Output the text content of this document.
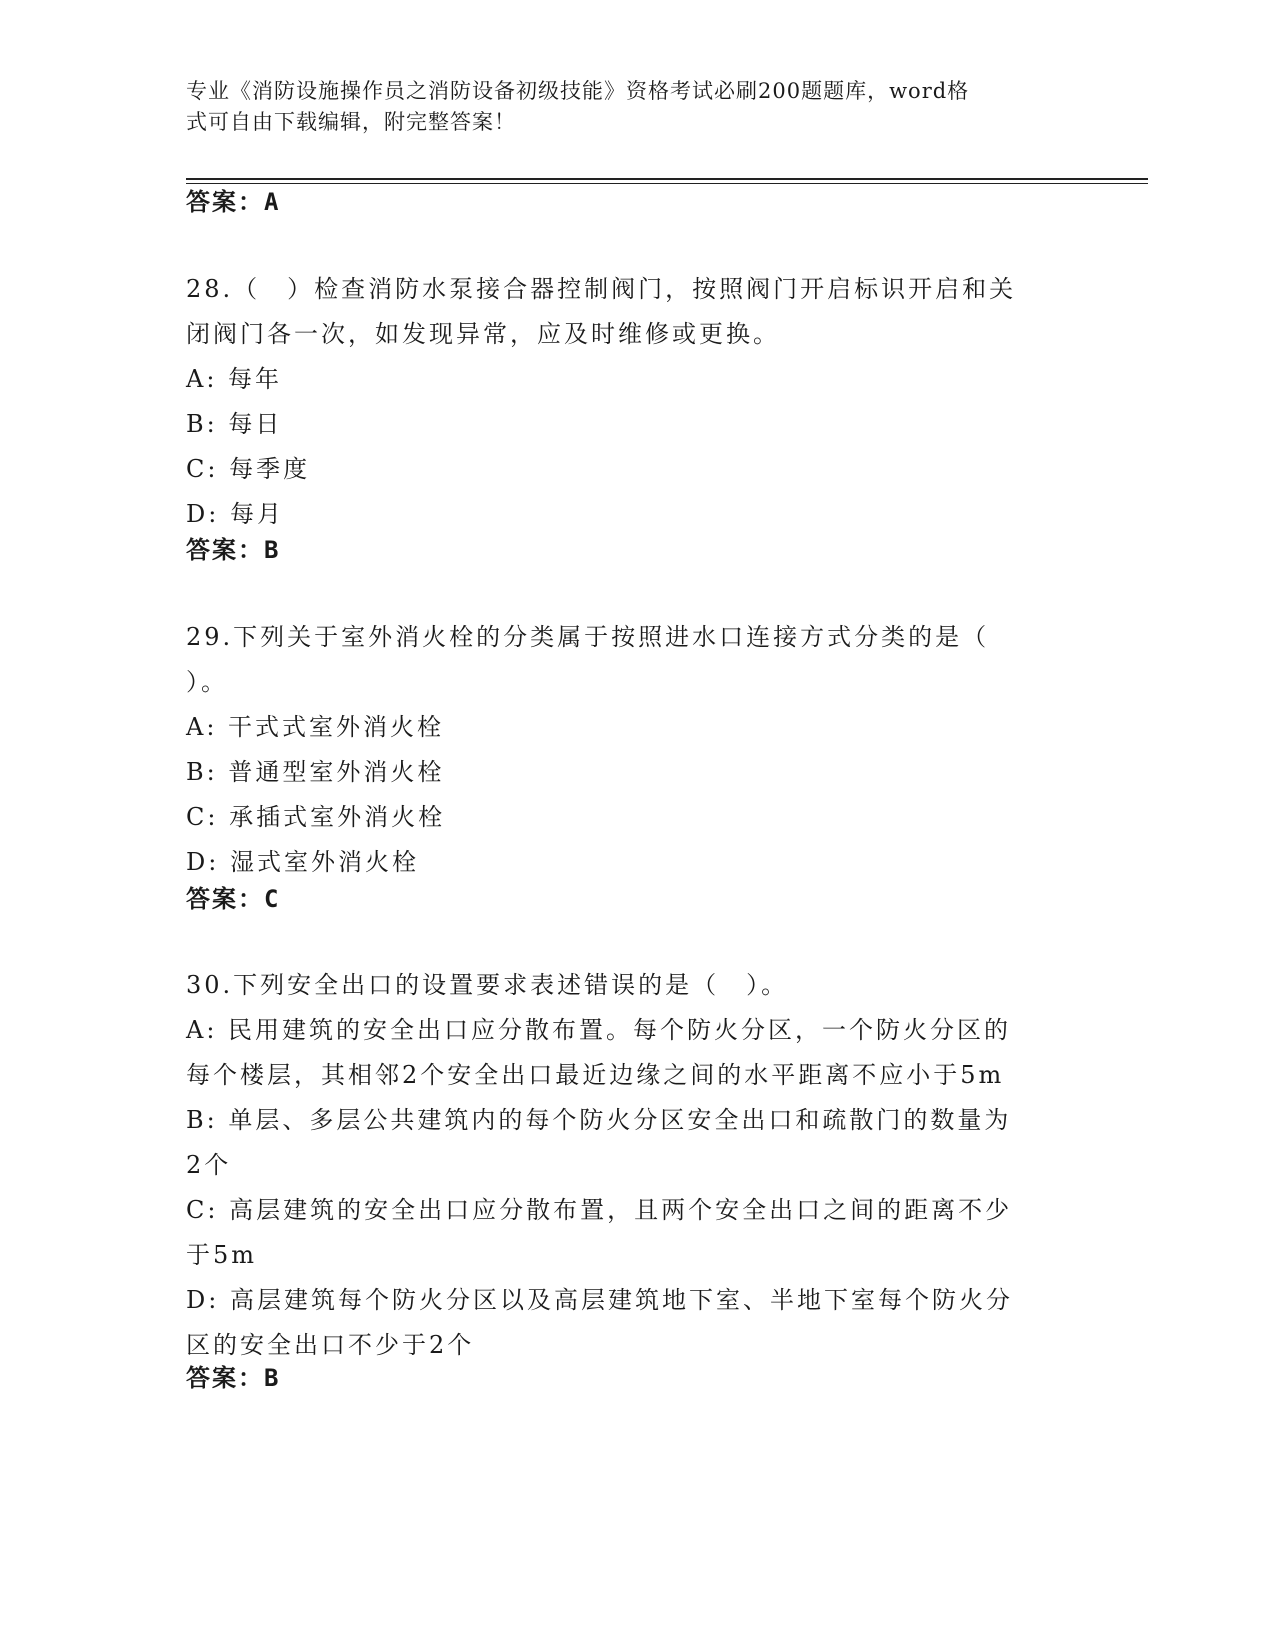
专业《消防设施操作员之消防设备初级技能》资格考试必刷200题题库，word格
式可自由下载编辑，附完整答案！
答案：A
28.（　）检查消防水泵接合器控制阀门，按照阀门开启标识开启和关
闭阀门各一次，如发现异常，应及时维修或更换。
A: 每年
B: 每日
C: 每季度
D: 每月
答案：B
29.下列关于室外消火栓的分类属于按照进水口连接方式分类的是（
）。
A: 干式式室外消火栓
B: 普通型室外消火栓
C: 承插式室外消火栓
D: 湿式室外消火栓
答案：C
30.下列安全出口的设置要求表述错误的是（　）。
A: 民用建筑的安全出口应分散布置。每个防火分区，一个防火分区的
每个楼层，其相邻2个安全出口最近边缘之间的水平距离不应小于5m
B: 单层、多层公共建筑内的每个防火分区安全出口和疏散门的数量为
2个
C: 高层建筑的安全出口应分散布置，且两个安全出口之间的距离不少
于5m
D: 高层建筑每个防火分区以及高层建筑地下室、半地下室每个防火分
区的安全出口不少于2个
答案：B
